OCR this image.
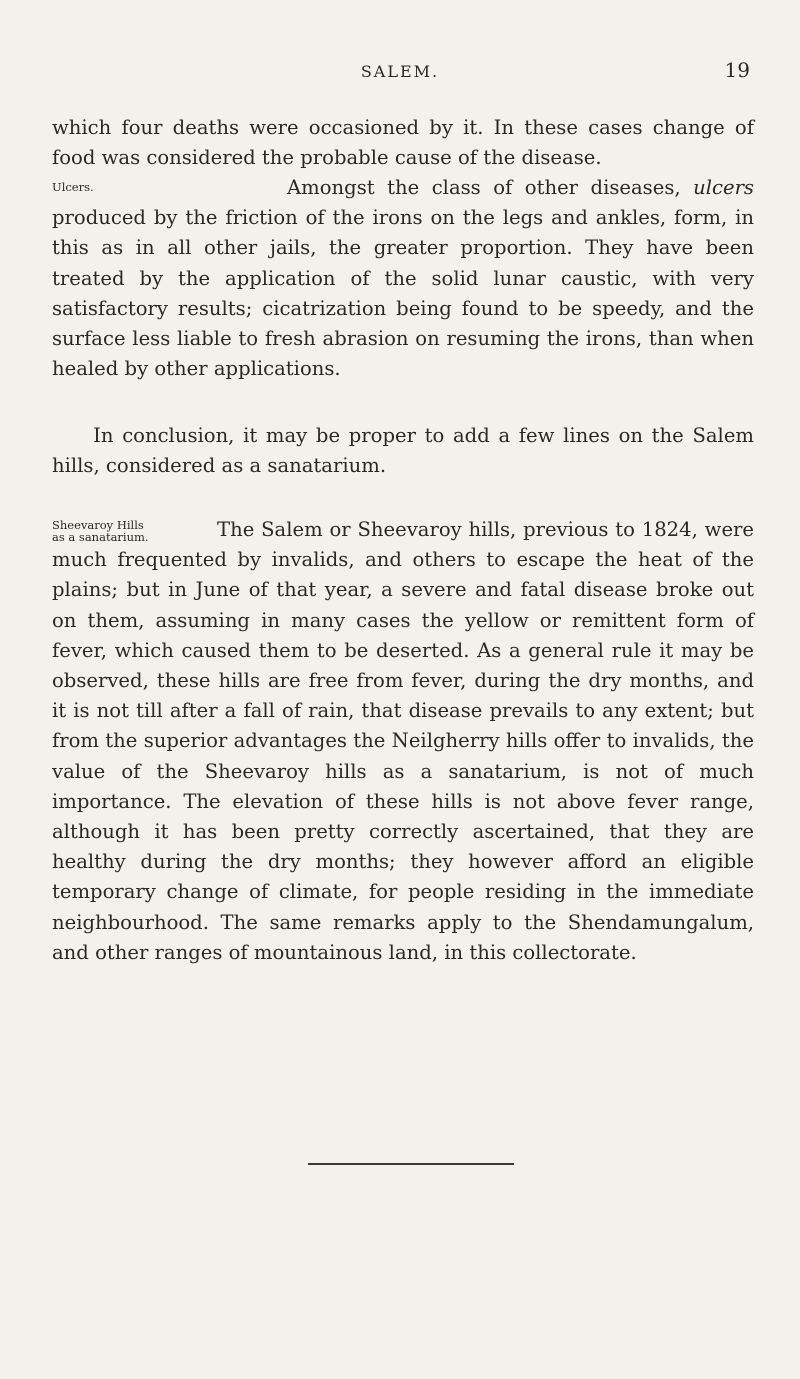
SALEM.	19

which four deaths were occasioned by it. In these cases change of food was considered the probable cause of the disease.

Ulcers.	Amongst the class of other diseases, ulcers produced by the friction of the irons on the legs and ankles, form, in this as in all other jails, the greater proportion. They have been treated by the application of the solid lunar caustic, with very satisfactory results; cicatrization being found to be speedy, and the surface less liable to fresh abrasion on resuming the irons, than when healed by other applications.

In conclusion, it may be proper to add a few lines on the Salem hills, considered as a sanatarium.

Sheevaroy Hills
as a sanatarium.	The Salem or Sheevaroy hills, previous to 1824, were much frequented by invalids, and others to escape the heat of the plains; but in June of that year, a severe and fatal disease broke out on them, assuming in many cases the yellow or remittent form of fever, which caused them to be deserted. As a general rule it may be observed, these hills are free from fever, during the dry months, and it is not till after a fall of rain, that disease prevails to any extent; but from the superior advantages the Neilgherry hills offer to invalids, the value of the Sheevaroy hills as a sanatarium, is not of much importance. The elevation of these hills is not above fever range, although it has been pretty correctly ascertained, that they are healthy during the dry months; they however afford an eligible temporary change of climate, for people residing in the immediate neighbourhood. The same remarks apply to the Shendamungalum, and other ranges of mountainous land, in this collectorate.
